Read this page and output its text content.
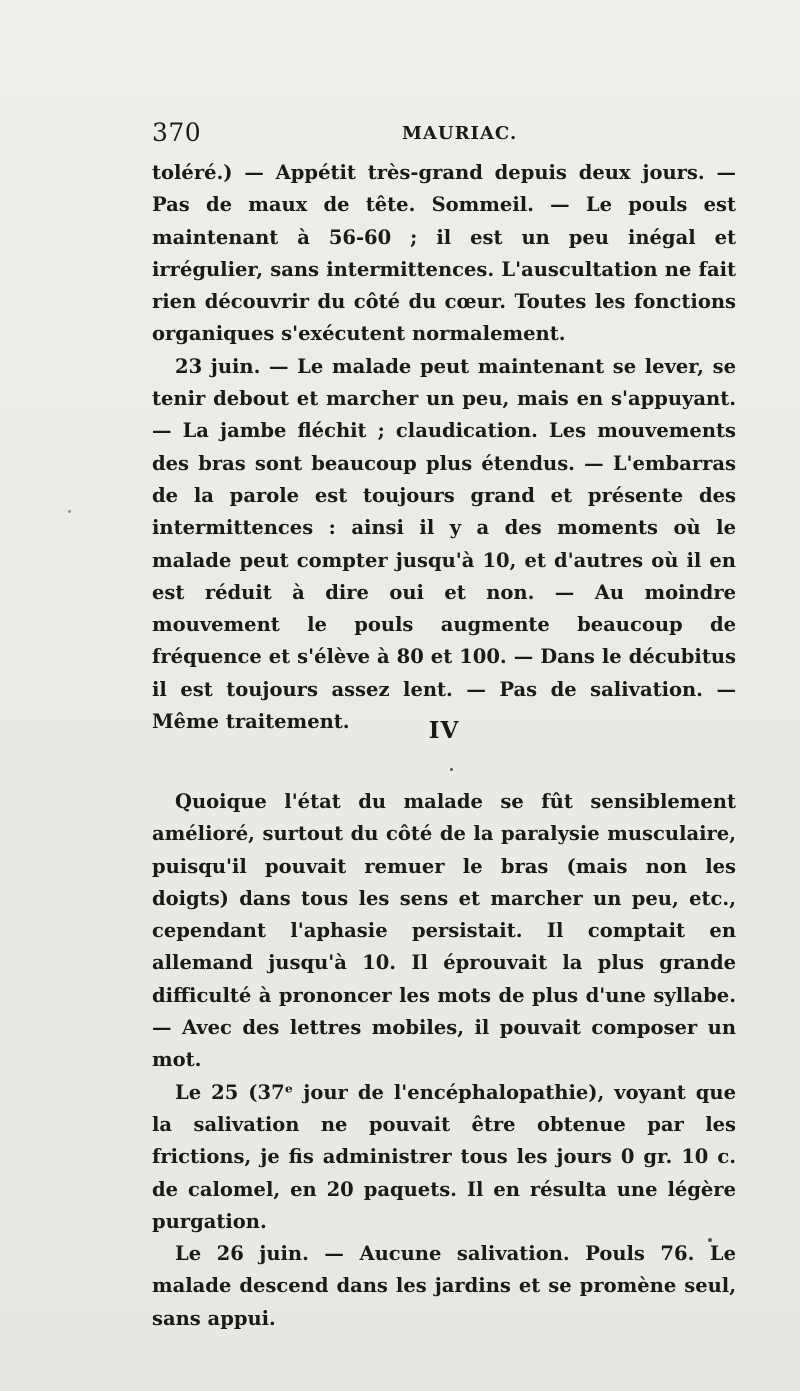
370	MAURIAC.

toléré.) — Appétit très-grand depuis deux jours. — Pas de maux de tête. Sommeil. — Le pouls est maintenant à 56-60 ; il est un peu inégal et irrégulier, sans intermittences. L'auscultation ne fait rien découvrir du côté du cœur. Toutes les fonctions organiques s'exécutent normalement.

23 juin. — Le malade peut maintenant se lever, se tenir debout et marcher un peu, mais en s'appuyant. — La jambe fléchit ; claudication. Les mouvements des bras sont beaucoup plus étendus. — L'embarras de la parole est toujours grand et présente des intermittences : ainsi il y a des moments où le malade peut compter jusqu'à 10, et d'autres où il en est réduit à dire oui et non. — Au moindre mouvement le pouls augmente beaucoup de fréquence et s'élève à 80 et 100. — Dans le décubitus il est toujours assez lent. — Pas de salivation. — Même traitement.	IV

Quoique l'état du malade se fût sensiblement amélioré, surtout du côté de la paralysie musculaire, puisqu'il pouvait remuer le bras (mais non les doigts) dans tous les sens et marcher un peu, etc., cependant l'aphasie persistait. Il comptait en allemand jusqu'à 10. Il éprouvait la plus grande difficulté à prononcer les mots de plus d'une syllabe. — Avec des lettres mobiles, il pouvait composer un mot.

Le 25 (37ᵉ jour de l'encéphalopathie), voyant que la salivation ne pouvait être obtenue par les frictions, je fis administrer tous les jours 0 gr. 10 c. de calomel, en 20 paquets. Il en résulta une légère purgation.

Le 26 juin. — Aucune salivation. Pouls 76. Le malade descend dans les jardins et se promène seul, sans appui.
